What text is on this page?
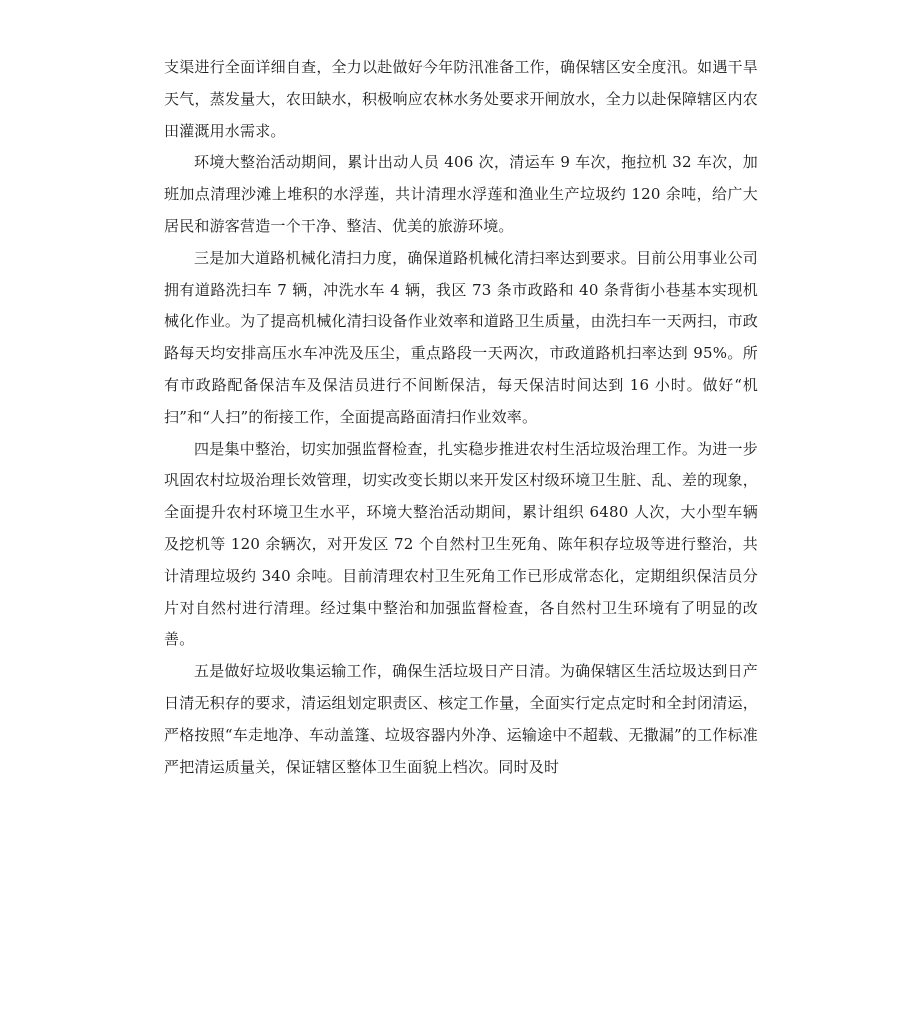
支渠进行全面详细自查，全力以赴做好今年防汛准备工作，确保辖区安全度汛。如遇干旱天气，蒸发量大，农田缺水，积极响应农林水务处要求开闸放水，全力以赴保障辖区内农田灌溉用水需求。

环境大整治活动期间，累计出动人员 406 次，清运车 9 车次，拖拉机 32 车次，加班加点清理沙滩上堆积的水浮莲，共计清理水浮莲和渔业生产垃圾约 120 余吨，给广大居民和游客营造一个干净、整洁、优美的旅游环境。

三是加大道路机械化清扫力度，确保道路机械化清扫率达到要求。目前公用事业公司拥有道路洗扫车 7 辆，冲洗水车 4 辆，我区 73 条市政路和 40 条背街小巷基本实现机械化作业。为了提高机械化清扫设备作业效率和道路卫生质量，由洗扫车一天两扫，市政路每天均安排高压水车冲洗及压尘，重点路段一天两次，市政道路机扫率达到 95%。所有市政路配备保洁车及保洁员进行不间断保洁，每天保洁时间达到 16 小时。做好“机扫”和“人扫”的衔接工作，全面提高路面清扫作业效率。

四是集中整治，切实加强监督检查，扎实稳步推进农村生活垃圾治理工作。为进一步巩固农村垃圾治理长效管理，切实改变长期以来开发区村级环境卫生脏、乱、差的现象，全面提升农村环境卫生水平，环境大整治活动期间，累计组织 6480 人次，大小型车辆及挖机等 120 余辆次，对开发区 72 个自然村卫生死角、陈年积存垃圾等进行整治，共计清理垃圾约 340 余吨。目前清理农村卫生死角工作已形成常态化，定期组织保洁员分片对自然村进行清理。经过集中整治和加强监督检查，各自然村卫生环境有了明显的改善。

五是做好垃圾收集运输工作，确保生活垃圾日产日清。为确保辖区生活垃圾达到日产日清无积存的要求，清运组划定职责区、核定工作量，全面实行定点定时和全封闭清运，严格按照“车走地净、车动盖篷、垃圾容器内外净、运输途中不超载、无撒漏”的工作标准严把清运质量关，保证辖区整体卫生面貌上档次。同时及时
